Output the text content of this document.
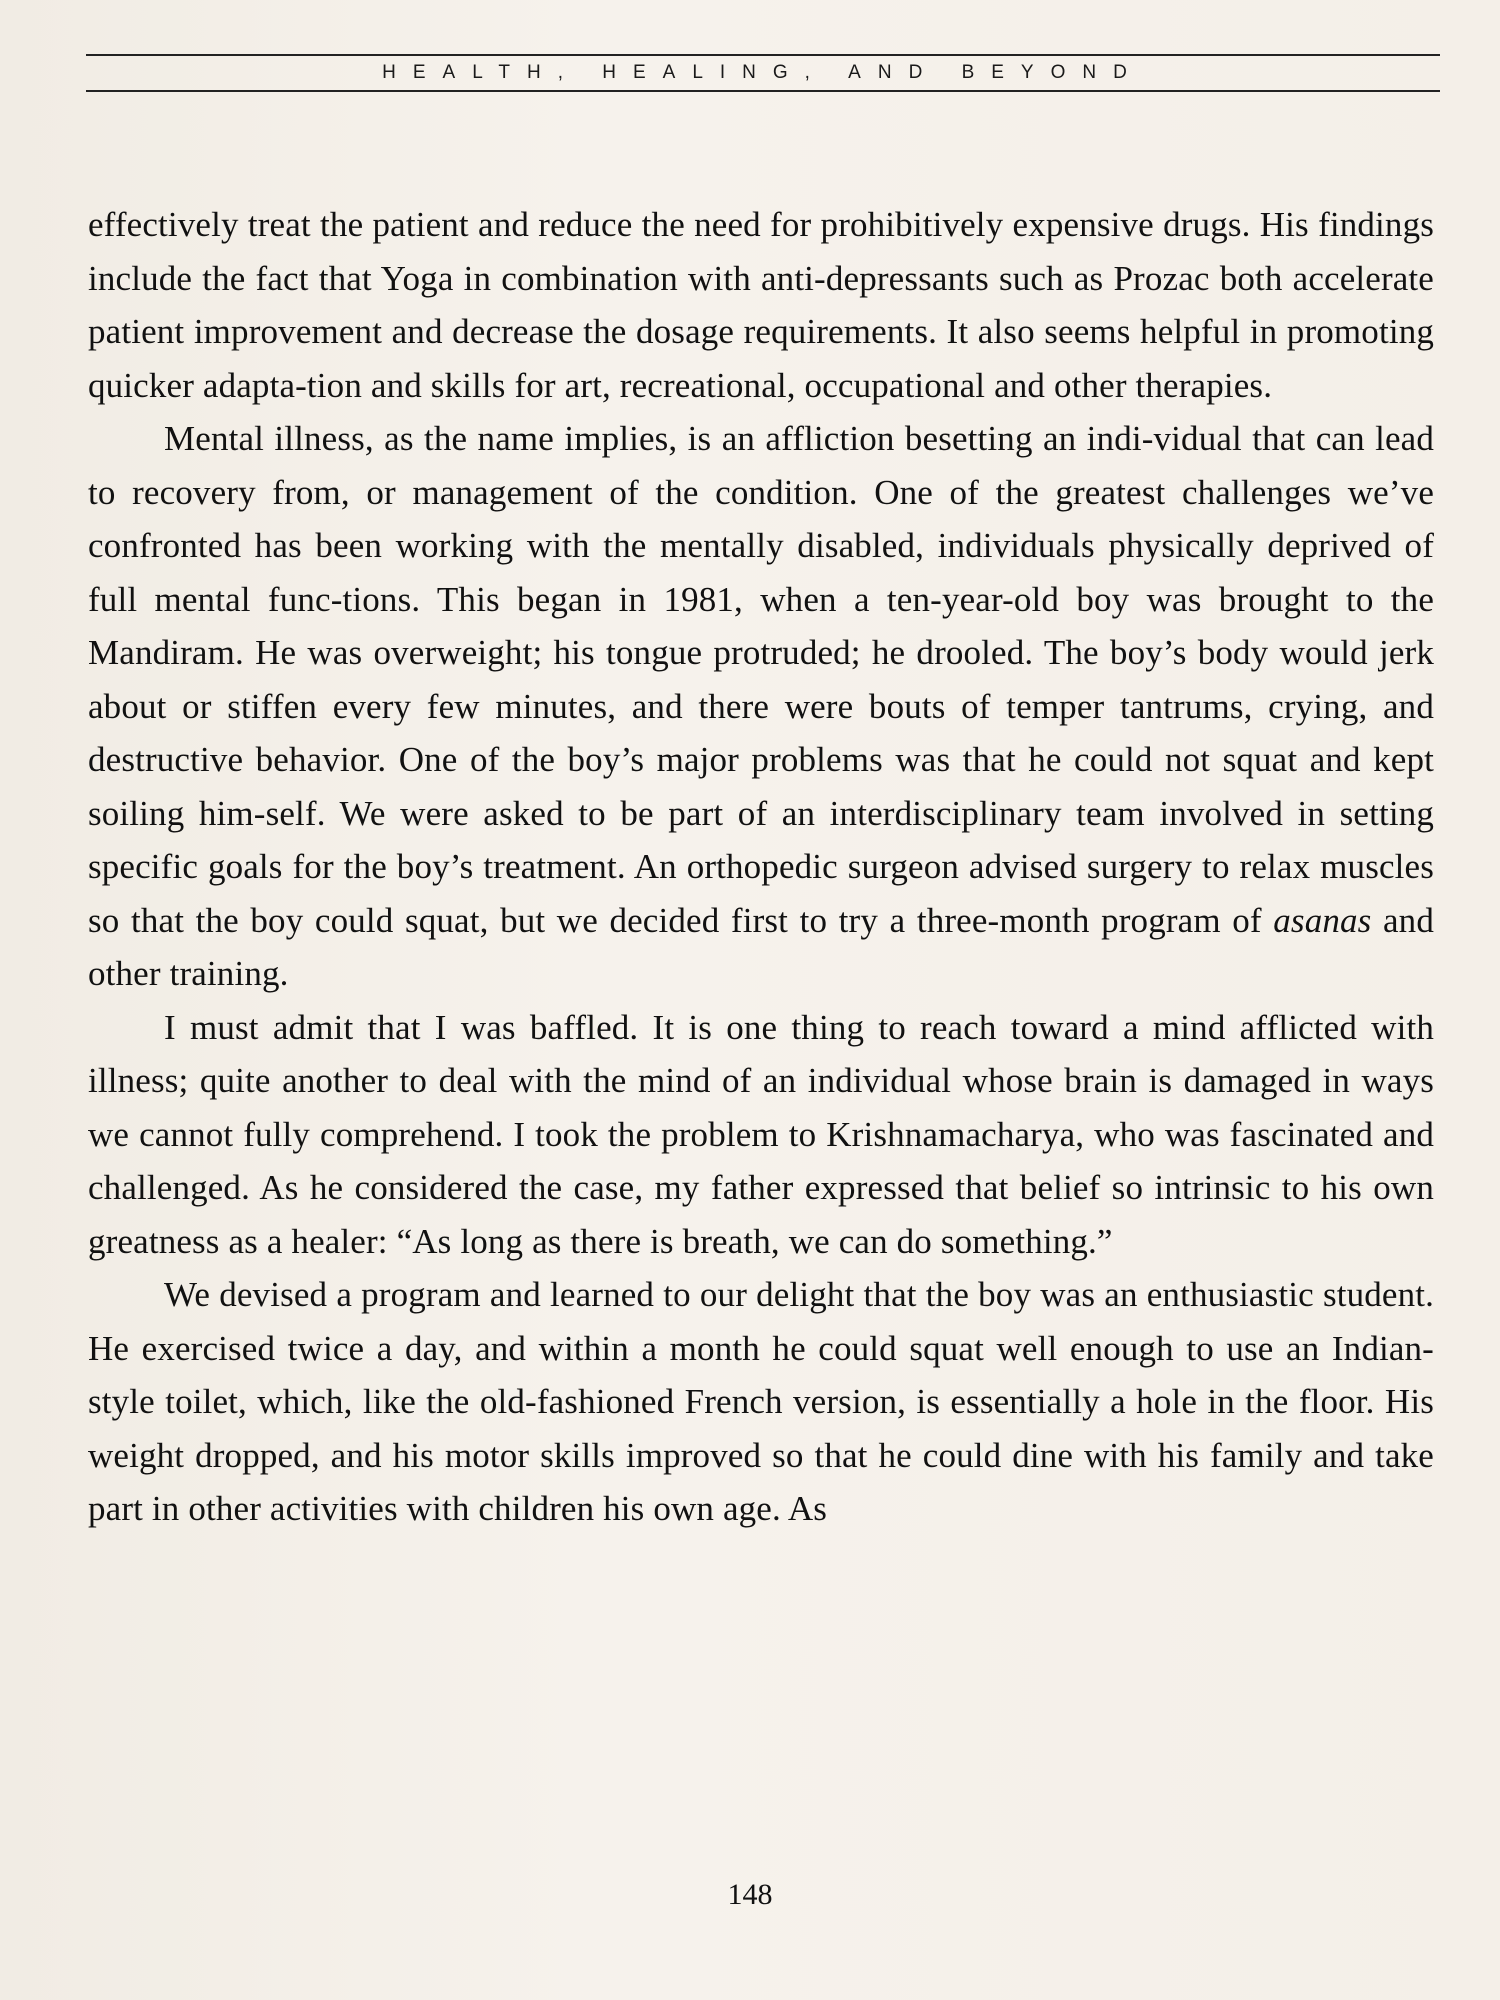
HEALTH, HEALING, AND BEYOND

effectively treat the patient and reduce the need for prohibitively expensive drugs. His findings include the fact that Yoga in combination with anti-depressants such as Prozac both accelerate patient improvement and decrease the dosage requirements. It also seems helpful in promoting quicker adapta-tion and skills for art, recreational, occupational and other therapies.

Mental illness, as the name implies, is an affliction besetting an indi-vidual that can lead to recovery from, or management of the condition. One of the greatest challenges we’ve confronted has been working with the mentally disabled, individuals physically deprived of full mental func-tions. This began in 1981, when a ten-year-old boy was brought to the Mandiram. He was overweight; his tongue protruded; he drooled. The boy’s body would jerk about or stiffen every few minutes, and there were bouts of temper tantrums, crying, and destructive behavior. One of the boy’s major problems was that he could not squat and kept soiling him-self. We were asked to be part of an interdisciplinary team involved in setting specific goals for the boy’s treatment. An orthopedic surgeon advised surgery to relax muscles so that the boy could squat, but we decided first to try a three-month program of asanas and other training.

I must admit that I was baffled. It is one thing to reach toward a mind afflicted with illness; quite another to deal with the mind of an individual whose brain is damaged in ways we cannot fully comprehend. I took the problem to Krishnamacharya, who was fascinated and challenged. As he considered the case, my father expressed that belief so intrinsic to his own greatness as a healer: “As long as there is breath, we can do something.”

We devised a program and learned to our delight that the boy was an enthusiastic student. He exercised twice a day, and within a month he could squat well enough to use an Indian-style toilet, which, like the old-fashioned French version, is essentially a hole in the floor. His weight dropped, and his motor skills improved so that he could dine with his family and take part in other activities with children his own age. As

148
